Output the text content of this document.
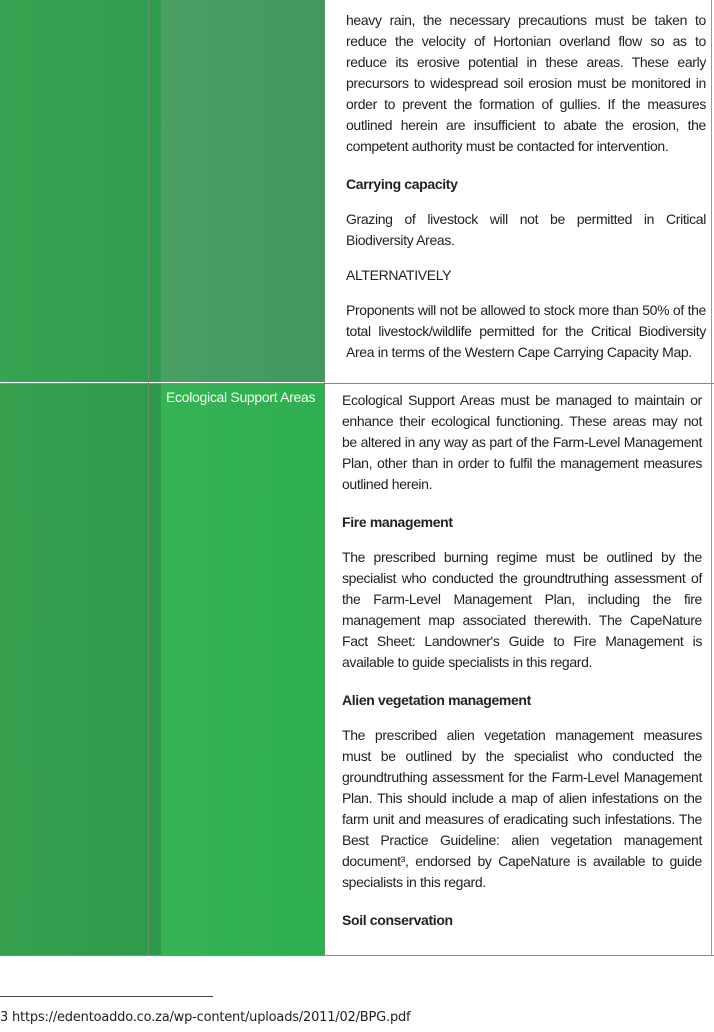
Ecological Support Areas

heavy rain, the necessary precautions must be taken to reduce the velocity of Hortonian overland flow so as to reduce its erosive potential in these areas. These early precursors to widespread soil erosion must be monitored in order to prevent the formation of gullies. If the measures outlined herein are insufficient to abate the erosion, the competent authority must be contacted for intervention.

Carrying capacity

Grazing of livestock will not be permitted in Critical Biodiversity Areas.

ALTERNATIVELY

Proponents will not be allowed to stock more than 50% of the total livestock/wildlife permitted for the Critical Biodiversity Area in terms of the Western Cape Carrying Capacity Map.

Ecological Support Areas must be managed to maintain or enhance their ecological functioning. These areas may not be altered in any way as part of the Farm-Level Management Plan, other than in order to fulfil the management measures outlined herein.

Fire management

The prescribed burning regime must be outlined by the specialist who conducted the groundtruthing assessment of the Farm-Level Management Plan, including the fire management map associated therewith. The CapeNature Fact Sheet: Landowner's Guide to Fire Management is available to guide specialists in this regard.

Alien vegetation management

The prescribed alien vegetation management measures must be outlined by the specialist who conducted the groundtruthing assessment for the Farm-Level Management Plan. This should include a map of alien infestations on the farm unit and measures of eradicating such infestations. The Best Practice Guideline: alien vegetation management document³, endorsed by CapeNature is available to guide specialists in this regard.

Soil conservation
3 https://edentoaddo.co.za/wp-content/uploads/2011/02/BPG.pdf
